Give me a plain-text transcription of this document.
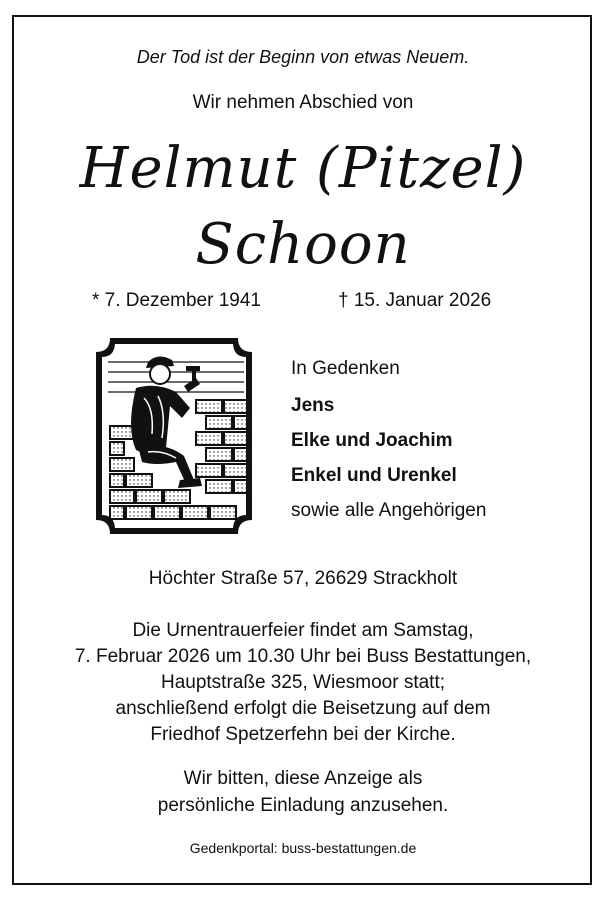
Der Tod ist der Beginn von etwas Neuem.
Wir nehmen Abschied von
Helmut (Pitzel)
Schoon
* 7. Dezember 1941	† 15. Januar 2026
In Gedenken
Jens
Elke und Joachim
Enkel und Urenkel
sowie alle Angehörigen
Höchter Straße 57, 26629 Strackholt
Die Urnentrauerfeier findet am Samstag,
7. Februar 2026 um 10.30 Uhr bei Buss Bestattungen,
Hauptstraße 325, Wiesmoor statt;
anschließend erfolgt die Beisetzung auf dem
Friedhof Spetzerfehn bei der Kirche.
Wir bitten, diese Anzeige als
persönliche Einladung anzusehen.
Gedenkportal: buss-bestattungen.de
